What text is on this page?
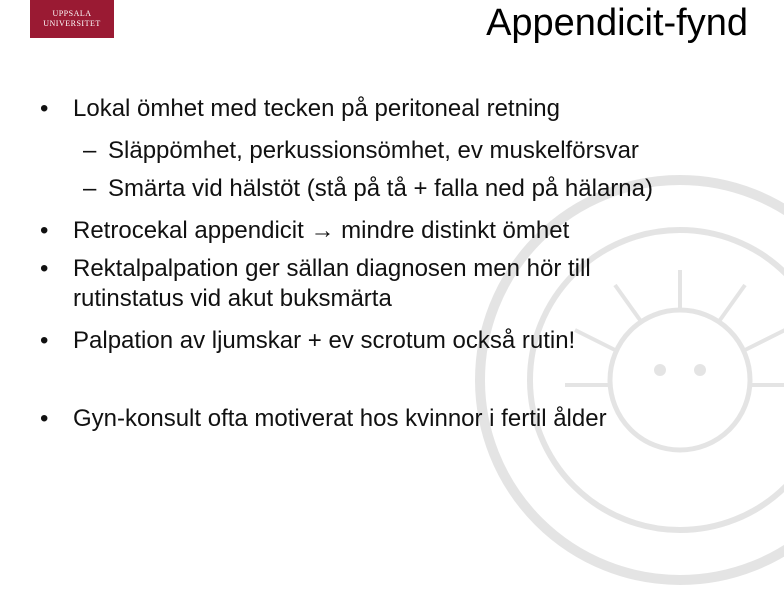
UPPSALA
UNIVERSITET	Appendicit-fynd
•	Lokal ömhet med tecken på peritoneal retning
– Släppömhet, perkussionsömhet, ev muskelförsvar
– Smärta vid hälstöt (stå på tå + falla ned på hälarna)
•	Retrocekal appendicit → mindre distinkt ömhet
•	Rektalpalpation ger sällan diagnosen men hör till
rutinstatus vid akut buksmärta
•	Palpation av ljumskar + ev scrotum också rutin!
•	Gyn-konsult ofta motiverat hos kvinnor i fertil ålder
